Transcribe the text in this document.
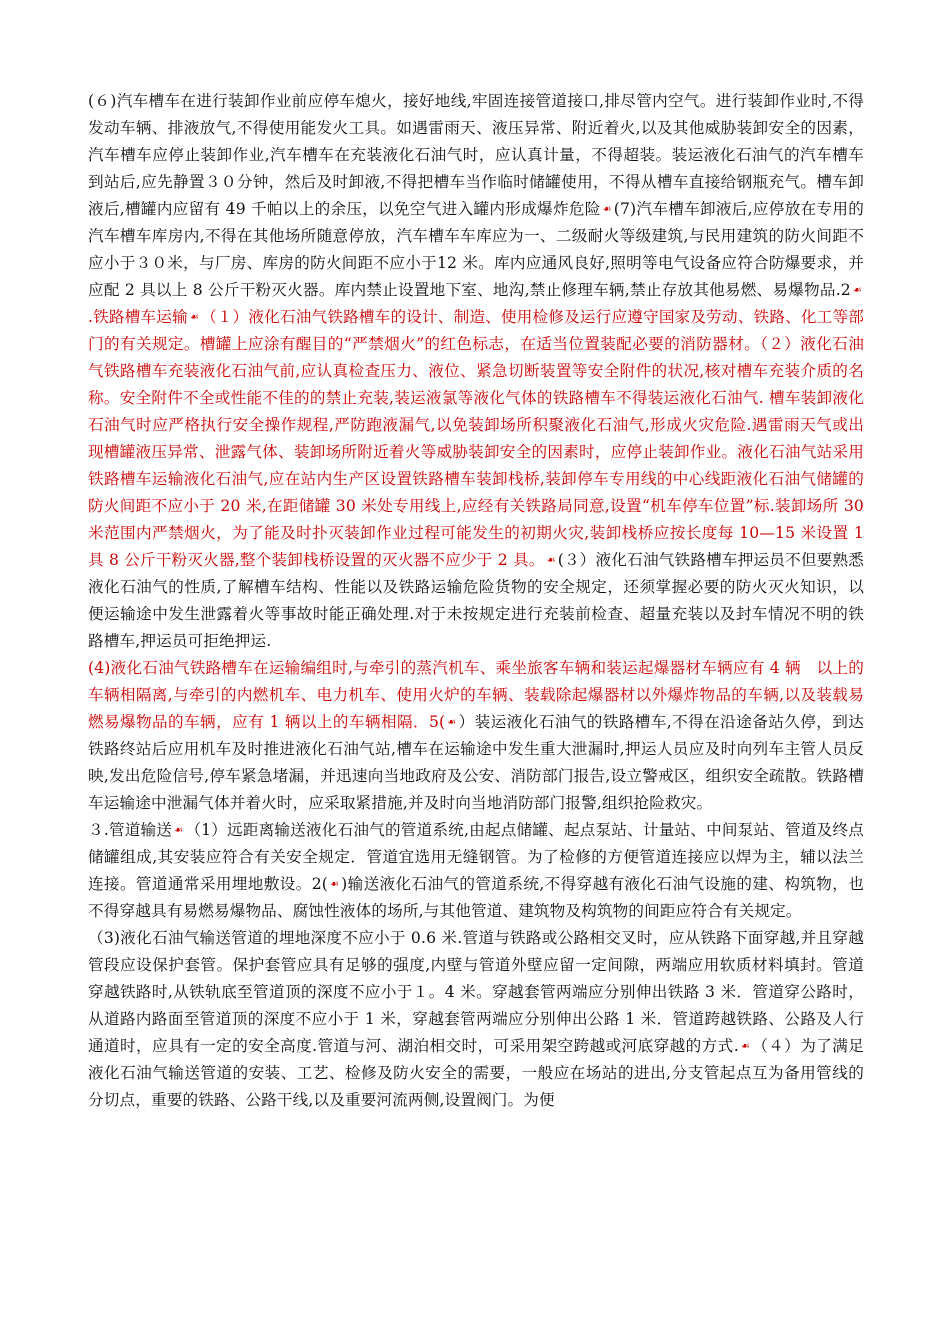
(６)汽车槽车在进行装卸作业前应停车熄火，接好地线,牢固连接管道接口,排尽管内空气。进行装卸作业时,不得发动车辆、排液放气,不得使用能发火工具。如遇雷雨天、液压异常、附近着火,以及其他威胁装卸安全的因素，汽车槽车应停止装卸作业,汽车槽车在充装液化石油气时，应认真计量，不得超装。装运液化石油气的汽车槽车到站后,应先静置３０分钟，然后及时卸液,不得把槽车当作临时储罐使用，不得从槽车直接给钢瓶充气。槽车卸液后,槽罐内应留有 49 千帕以上的余压，以免空气进入罐内形成爆炸危险 ☙ (7)汽车槽车卸液后,应停放在专用的汽车槽车库房内,不得在其他场所随意停放，汽车槽车车库应为一、二级耐火等级建筑,与民用建筑的防火间距不应小于３０米，与厂房、库房的防火间距不应小于12 米。库内应通风良好,照明等电气设备应符合防爆要求，并应配 2 具以上 8 公斤干粉灭火器。库内禁止设置地下室、地沟,禁止修理车辆,禁止存放其他易燃、易爆物品.2 ☙.铁路槽车运输 ☙ （１）液化石油气铁路槽车的设计、制造、使用检修及运行应遵守国家及劳动、铁路、化工等部门的有关规定。槽罐上应涂有醒目的“严禁烟火”的红色标志，在适当位置装配必要的消防器材。（２）液化石油气铁路槽车充装液化石油气前,应认真检查压力、液位、紧急切断装置等安全附件的状况,核对槽车充装介质的名称。安全附件不全或性能不佳的的禁止充装,装运液氯等液化气体的铁路槽车不得装运液化石油气. 槽车装卸液化石油气时应严格执行安全操作规程,严防跑液漏气,以免装卸场所积聚液化石油气,形成火灾危险.遇雷雨天气或出现槽罐液压异常、泄露气体、装卸场所附近着火等威胁装卸安全的因素时，应停止装卸作业。液化石油气站采用铁路槽车运输液化石油气,应在站内生产区设置铁路槽车装卸栈桥,装卸停车专用线的中心线距液化石油气储罐的防火间距不应小于 20 米,在距储罐 30 米处专用线上,应经有关铁路局同意,设置“机车停车位置”标.装卸场所 30 米范围内严禁烟火，为了能及时扑灭装卸作业过程可能发生的初期火灾,装卸栈桥应按长度每 10—15 米设置 1 具 8 公斤干粉灭火器,整个装卸栈桥设置的灭火器不应少于 2 具。 ☙ (３）液化石油气铁路槽车押运员不但要熟悉液化石油气的性质,了解槽车结构、性能以及铁路运输危险货物的安全规定，还须掌握必要的防火灭火知识，以便运输途中发生泄露着火等事故时能正确处理.对于未按规定进行充装前检查、超量充装以及封车情况不明的铁路槽车,押运员可拒绝押运.

(4)液化石油气铁路槽车在运输编组时,与牵引的蒸汽机车、乘坐旅客车辆和装运起爆器材车辆应有 4 辆　以上的车辆相隔离,与牵引的内燃机车、电力机车、使用火炉的车辆、装载除起爆器材以外爆炸物品的车辆,以及装载易燃易爆物品的车辆，应有 1 辆以上的车辆相隔．5( ☙ ）装运液化石油气的铁路槽车,不得在沿途备站久停，到达铁路终站后应用机车及时推进液化石油气站,槽车在运输途中发生重大泄漏时,押运人员应及时向列车主管人员反映,发出危险信号,停车紧急堵漏，并迅速向当地政府及公安、消防部门报告,设立警戒区，组织安全疏散。铁路槽车运输途中泄漏气体并着火时，应采取紧措施,并及时向当地消防部门报警,组织抢险救灾。

３.管道输送 ☙ （1）远距离输送液化石油气的管道系统,由起点储罐、起点泵站、计量站、中间泵站、管道及终点储罐组成,其安装应符合有关安全规定．管道宜选用无缝钢管。为了检修的方便管道连接应以焊为主，辅以法兰连接。管道通常采用埋地敷设。2( ☙ )输送液化石油气的管道系统,不得穿越有液化石油气设施的建、构筑物，也不得穿越具有易燃易爆物品、腐蚀性液体的场所,与其他管道、建筑物及构筑物的间距应符合有关规定。

（3)液化石油气输送管道的埋地深度不应小于 0.6 米.管道与铁路或公路相交叉时，应从铁路下面穿越,并且穿越管段应设保护套管。保护套管应具有足够的强度,内壁与管道外壁应留一定间隙，两端应用软质材料填封。管道穿越铁路时,从铁轨底至管道顶的深度不应小于１。4 米。穿越套管两端应分别伸出铁路 3 米．管道穿公路时，从道路内路面至管道顶的深度不应小于 1 米，穿越套管两端应分别伸出公路 1 米．管道跨越铁路、公路及人行通道时，应具有一定的安全高度.管道与河、湖泊相交时，可采用架空跨越或河底穿越的方式. ☙ （４）为了满足液化石油气输送管道的安装、工艺、检修及防火安全的需要，一般应在场站的进出,分支管起点互为备用管线的分切点，重要的铁路、公路干线,以及重要河流两侧,设置阀门。为便
